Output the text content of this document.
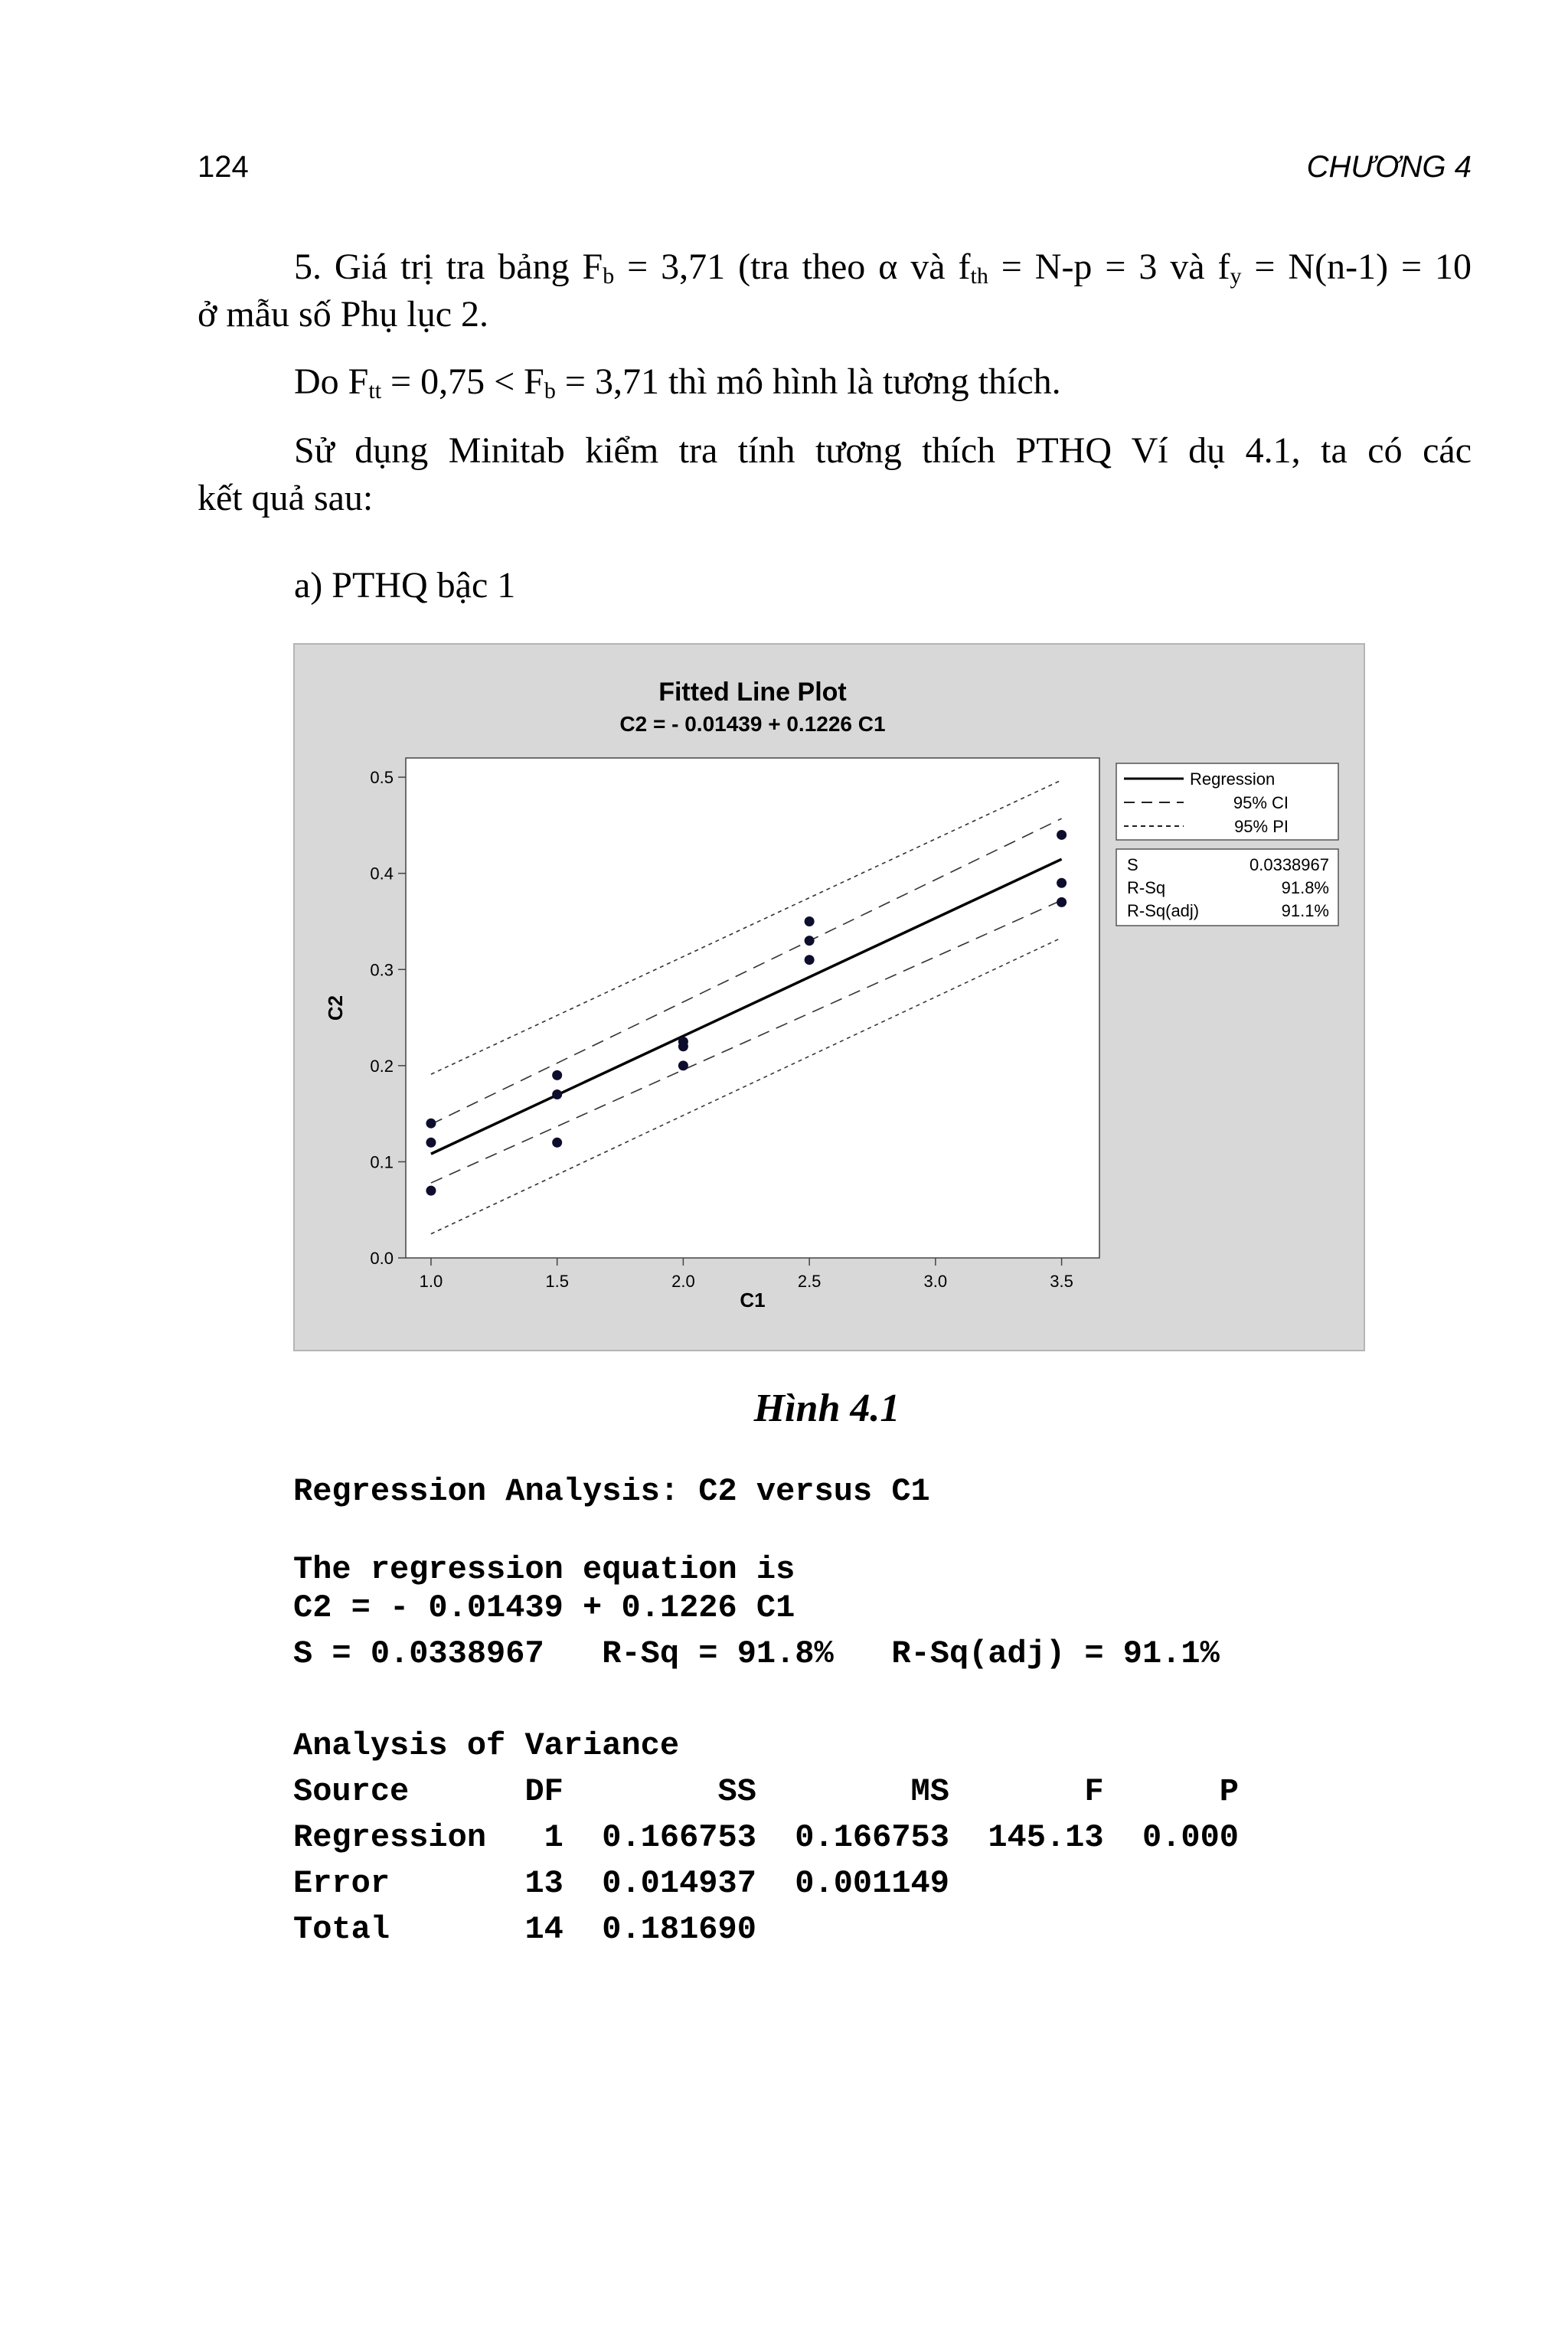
124	CHƯƠNG 4
5. Giá trị tra bảng $F_b = 3,71$ (tra theo α và $f_{th} = N-p = 3$ và $f_y = N(n-1) = 10$
ở mẫu số Phụ lục 2.
Do $F_{tt} = 0,75 < F_b = 3,71$ thì mô hình là tương thích.
Sử dụng Minitab kiểm tra tính tương thích PTHQ Ví dụ 4.1, ta có các
kết quả sau:
a) PTHQ bậc 1
Fitted Line Plot
C2 = - 0.01439 + 0.1226 C1
0.0
0.1
0.2
0.3
0.4
0.5
1.0	1.5	2.0	2.5	3.0	3.5
C1
C2
Regression
95% CI
95% PI
S	0.0338967
R-Sq	91.8%
R-Sq(adj)	91.1%
Hình 4.1
Regression Analysis: C2 versus C1
The regression equation is
C2 = - 0.01439 + 0.1226 C1
S = 0.0338967   R-Sq = 91.8%   R-Sq(adj) = 91.1%
Analysis of Variance
Source      DF        SS        MS       F      P
Regression   1  0.166753  0.166753  145.13  0.000
Error       13  0.014937  0.001149
Total       14  0.181690
